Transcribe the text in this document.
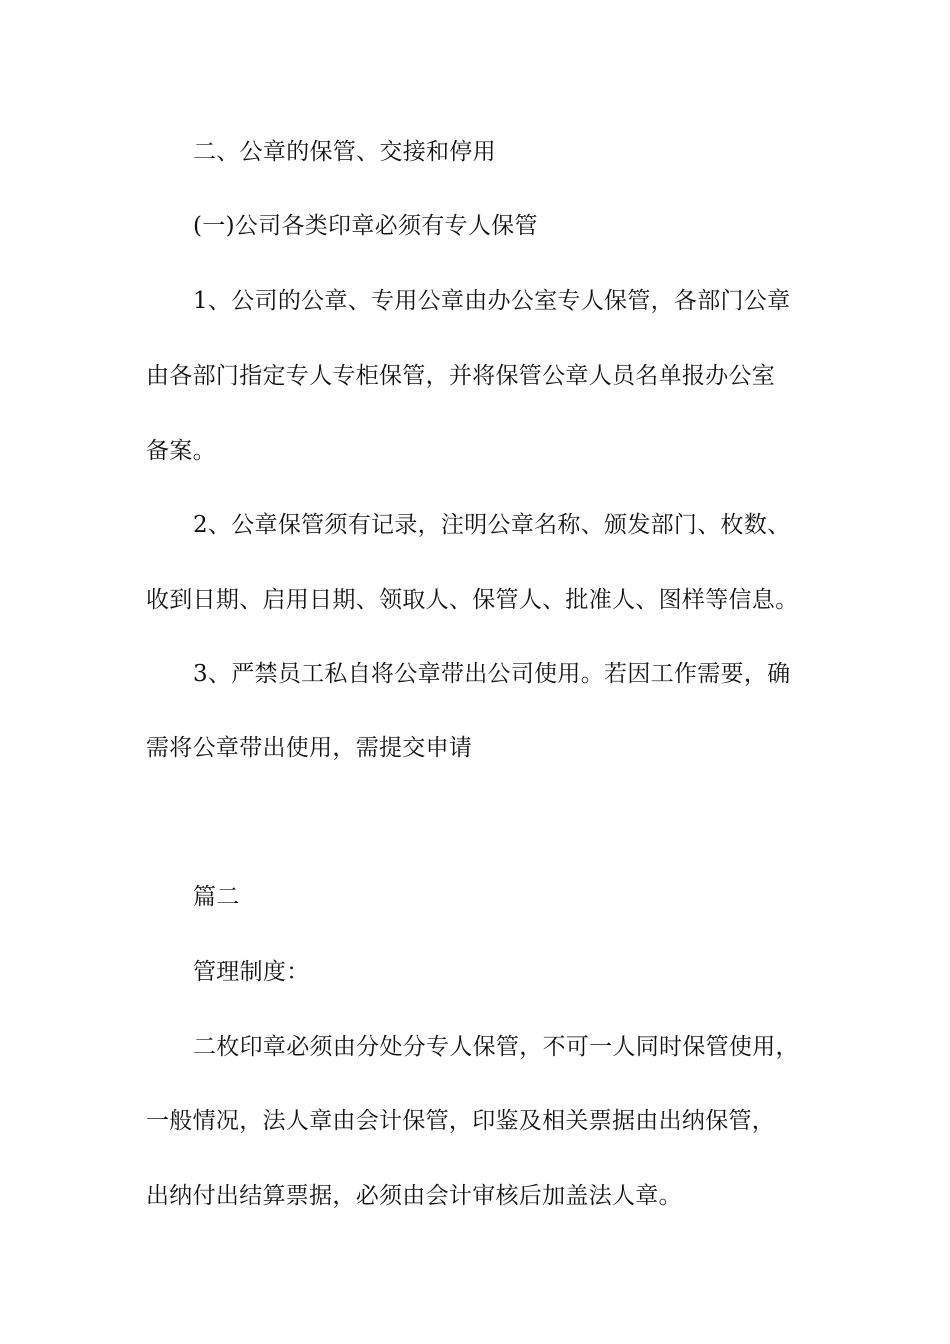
二、公章的保管、交接和停用
(一)公司各类印章必须有专人保管
1、公司的公章、专用公章由办公室专人保管，各部门公章
由各部门指定专人专柜保管，并将保管公章人员名单报办公室
备案。
2、公章保管须有记录，注明公章名称、颁发部门、枚数、
收到日期、启用日期、领取人、保管人、批准人、图样等信息。
3、严禁员工私自将公章带出公司使用。若因工作需要，确
需将公章带出使用，需提交申请
篇二
管理制度：
二枚印章必须由分处分专人保管，不可一人同时保管使用，
一般情况，法人章由会计保管，印鉴及相关票据由出纳保管，
出纳付出结算票据，必须由会计审核后加盖法人章。
